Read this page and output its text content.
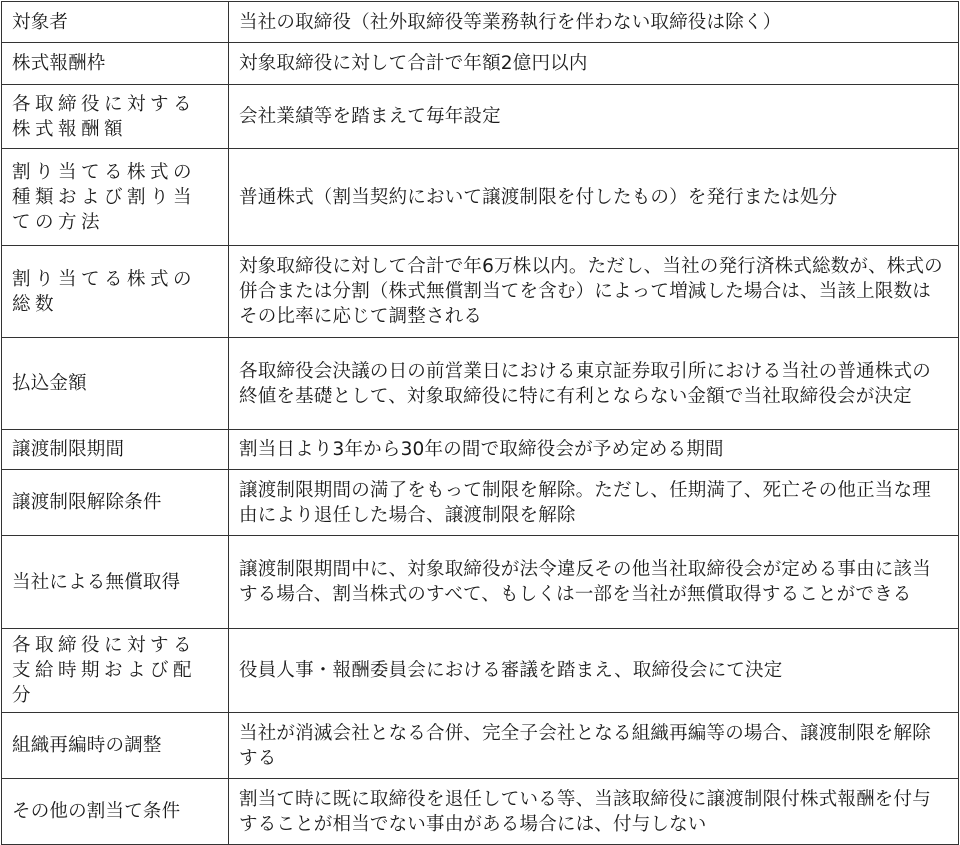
対象者	当社の取締役（社外取締役等業務執行を伴わない取締役は除く）
株式報酬枠	対象取締役に対して合計で年額2億円以内
各取締役に対する株式報酬額	会社業績等を踏まえて毎年設定
割り当てる株式の種類および割り当ての方法	普通株式（割当契約において譲渡制限を付したもの）を発行または処分
割り当てる株式の総数	対象取締役に対して合計で年6万株以内。ただし、当社の発行済株式総数が、株式の併合または分割（株式無償割当てを含む）によって増減した場合は、当該上限数はその比率に応じて調整される
払込金額	各取締役会決議の日の前営業日における東京証券取引所における当社の普通株式の終値を基礎として、対象取締役に特に有利とならない金額で当社取締役会が決定
譲渡制限期間	割当日より3年から30年の間で取締役会が予め定める期間
譲渡制限解除条件	譲渡制限期間の満了をもって制限を解除。ただし、任期満了、死亡その他正当な理由により退任した場合、譲渡制限を解除
当社による無償取得	譲渡制限期間中に、対象取締役が法令違反その他当社取締役会が定める事由に該当する場合、割当株式のすべて、もしくは一部を当社が無償取得することができる
各取締役に対する支給時期および配分	役員人事・報酬委員会における審議を踏まえ、取締役会にて決定
組織再編時の調整	当社が消滅会社となる合併、完全子会社となる組織再編等の場合、譲渡制限を解除する
その他の割当て条件	割当て時に既に取締役を退任している等、当該取締役に譲渡制限付株式報酬を付与することが相当でない事由がある場合には、付与しない
